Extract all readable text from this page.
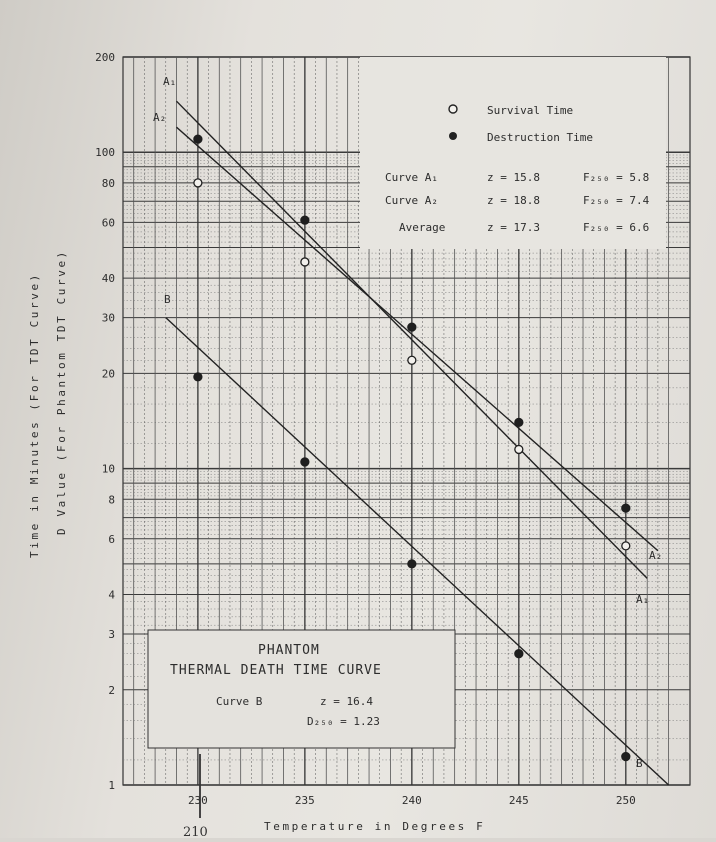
1
2
3
4
6
8
10
20
30
40
60
80
100
200
230	235	240	245	250
A₁
A₂
B
A₂
A₁
B
Survival Time
Destruction Time
Curve A₁	z = 15.8	F₂₅₀ = 5.8
Curve A₂	z = 18.8	F₂₅₀ = 7.4
Average	z = 17.3	F₂₅₀ = 6.6
PHANTOM
THERMAL DEATH TIME CURVE
Curve B	z = 16.4
D₂₅₀ = 1.23
Temperature in Degrees F
Time in Minutes (For TDT Curve) D Value (For Phantom TDT Curve)
210
